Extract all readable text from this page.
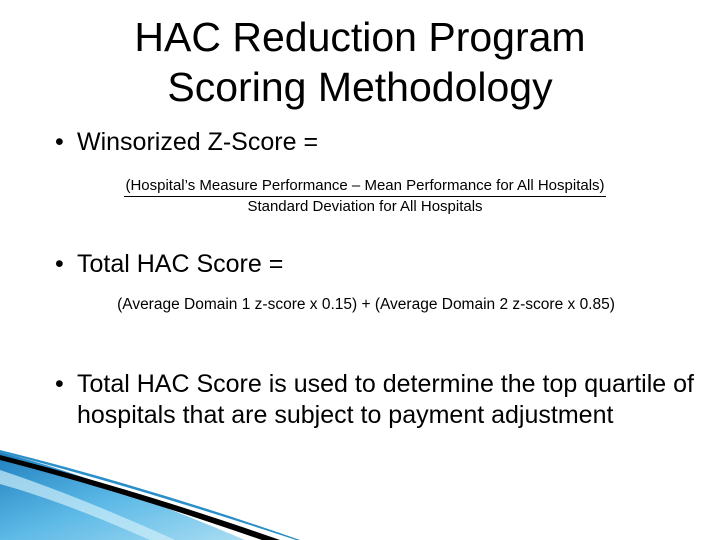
HAC Reduction Program
Scoring Methodology
• Winsorized Z-Score =
(Hospital’s Measure Performance – Mean Performance for All Hospitals)
Standard Deviation for All Hospitals
• Total HAC Score =
(Average Domain 1 z-score x 0.15) + (Average Domain 2 z-score x 0.85)
• Total HAC Score is used to determine the top quartile of hospitals that are subject to payment adjustment
